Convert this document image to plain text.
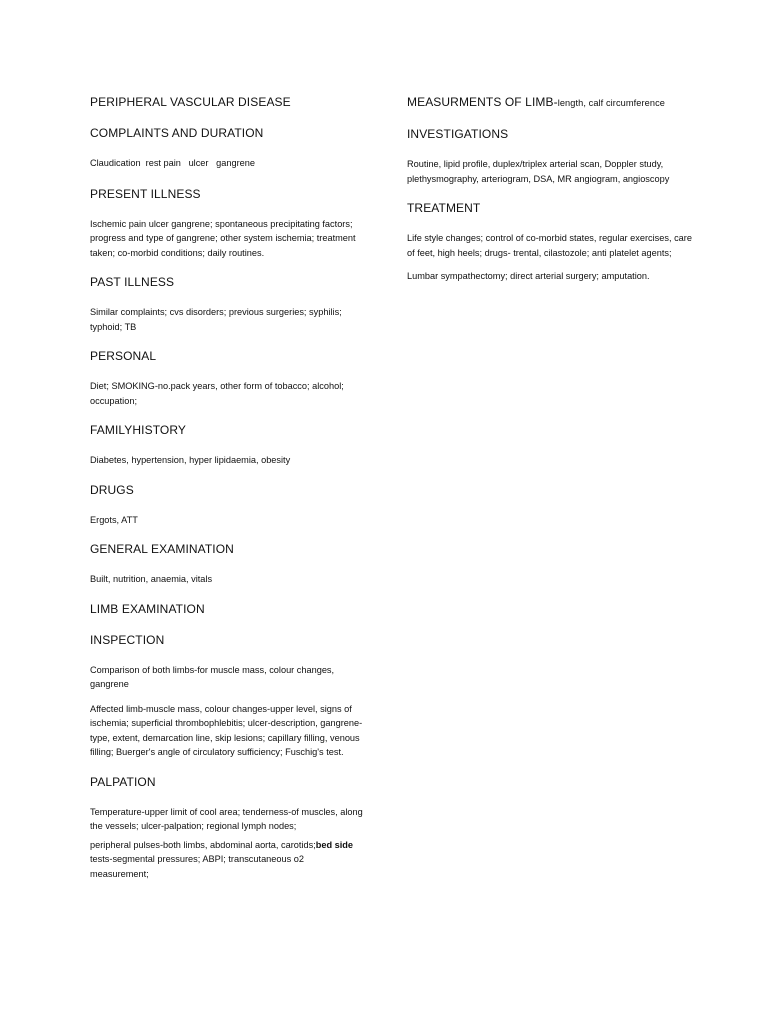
PERIPHERAL VASCULAR DISEASE
COMPLAINTS AND DURATION
Claudication  rest pain   ulcer   gangrene
PRESENT ILLNESS
Ischemic pain ulcer gangrene; spontaneous precipitating factors; progress and type of gangrene; other system ischemia; treatment taken; co-morbid conditions; daily routines.
PAST ILLNESS
Similar complaints; cvs disorders; previous surgeries; syphilis; typhoid; TB
PERSONAL
Diet; SMOKING-no.pack years, other form of tobacco; alcohol; occupation;
FAMILYHISTORY
Diabetes, hypertension, hyper lipidaemia, obesity
DRUGS
Ergots, ATT
GENERAL EXAMINATION
Built, nutrition, anaemia, vitals
LIMB EXAMINATION
INSPECTION
Comparison of both limbs-for muscle mass, colour changes, gangrene
Affected limb-muscle mass, colour changes-upper level, signs of ischemia; superficial thrombophlebitis; ulcer-description, gangrene-type, extent, demarcation line, skip lesions; capillary filling, venous filling; Buerger's angle of circulatory sufficiency; Fuschig's test.
PALPATION
Temperature-upper limit of cool area; tenderness-of muscles, along the vessels; ulcer-palpation; regional lymph nodes;
peripheral pulses-both limbs, abdominal aorta, carotids;bed side tests-segmental pressures; ABPI; transcutaneous o2 measurement;
MEASURMENTS OF LIMB-length, calf circumference
INVESTIGATIONS
Routine, lipid profile, duplex/triplex arterial scan, Doppler study, plethysmography, arteriogram, DSA, MR angiogram, angioscopy
TREATMENT
Life style changes; control of co-morbid states, regular exercises, care of feet, high heels; drugs- trental, cilastozole; anti platelet agents;
Lumbar sympathectomy; direct arterial surgery; amputation.
